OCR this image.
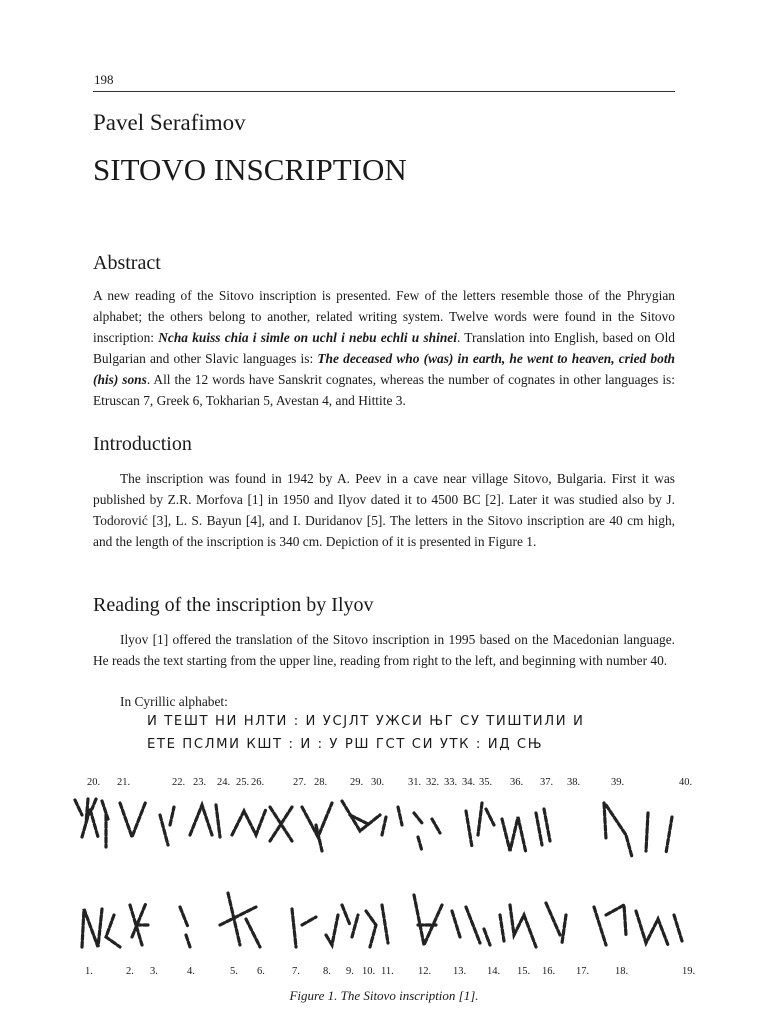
198
Pavel Serafimov
SITOVO INSCRIPTION
Abstract

A new reading of the Sitovo inscription is presented. Few of the letters resemble those of the Phrygian alphabet; the others belong to another, related writing system. Twelve words were found in the Sitovo inscription: Ncha kuiss chia i simle on uchl i nebu echli u shinei. Translation into English, based on Old Bulgarian and other Slavic languages is: The deceased who (was) in earth, he went to heaven, cried both (his) sons. All the 12 words have Sanskrit cognates, whereas the number of cognates in other languages is: Etruscan 7, Greek 6, Tokharian 5, Avestan 4, and Hittite 3.

Introduction

The inscription was found in 1942 by A. Peev in a cave near village Sitovo, Bulgaria. First it was published by Z.R. Morfova [1] in 1950 and Ilyov dated it to 4500 BC [2]. Later it was studied also by J. Todorović [3], L. S. Bayun [4], and I. Duridanov [5]. The letters in the Sitovo inscription are 40 cm high, and the length of the inscription is 340 cm. Depiction of it is presented in Figure 1.

Reading of the inscription by Ilyov

Ilyov [1] offered the translation of the Sitovo inscription in 1995 based on the Macedonian language. He reads the text starting from the upper line, reading from right to the left, and beginning with number 40.

In Cyrillic alphabet:
И ТЕШТ НИ НЛТИ : И УСЈЛТ УЖСИ ЊГ СУ ТИШТИЛИ И
ЕТЕ ПСЛМИ КШТ : И : У РШ ГСТ СИ УТК : ИД СЊ
20. 21.	22. 23. 24. 25. 26.	27. 28. 29. 30. 31. 32. 33. 34. 35. 36. 37. 38.	39.	40.
1.	2. 3.	4.	5. 6.	7. 8. 9. 10. 11. 12. 13. 14. 15. 16. 17. 18.	19.
Figure 1. The Sitovo inscription [1].
